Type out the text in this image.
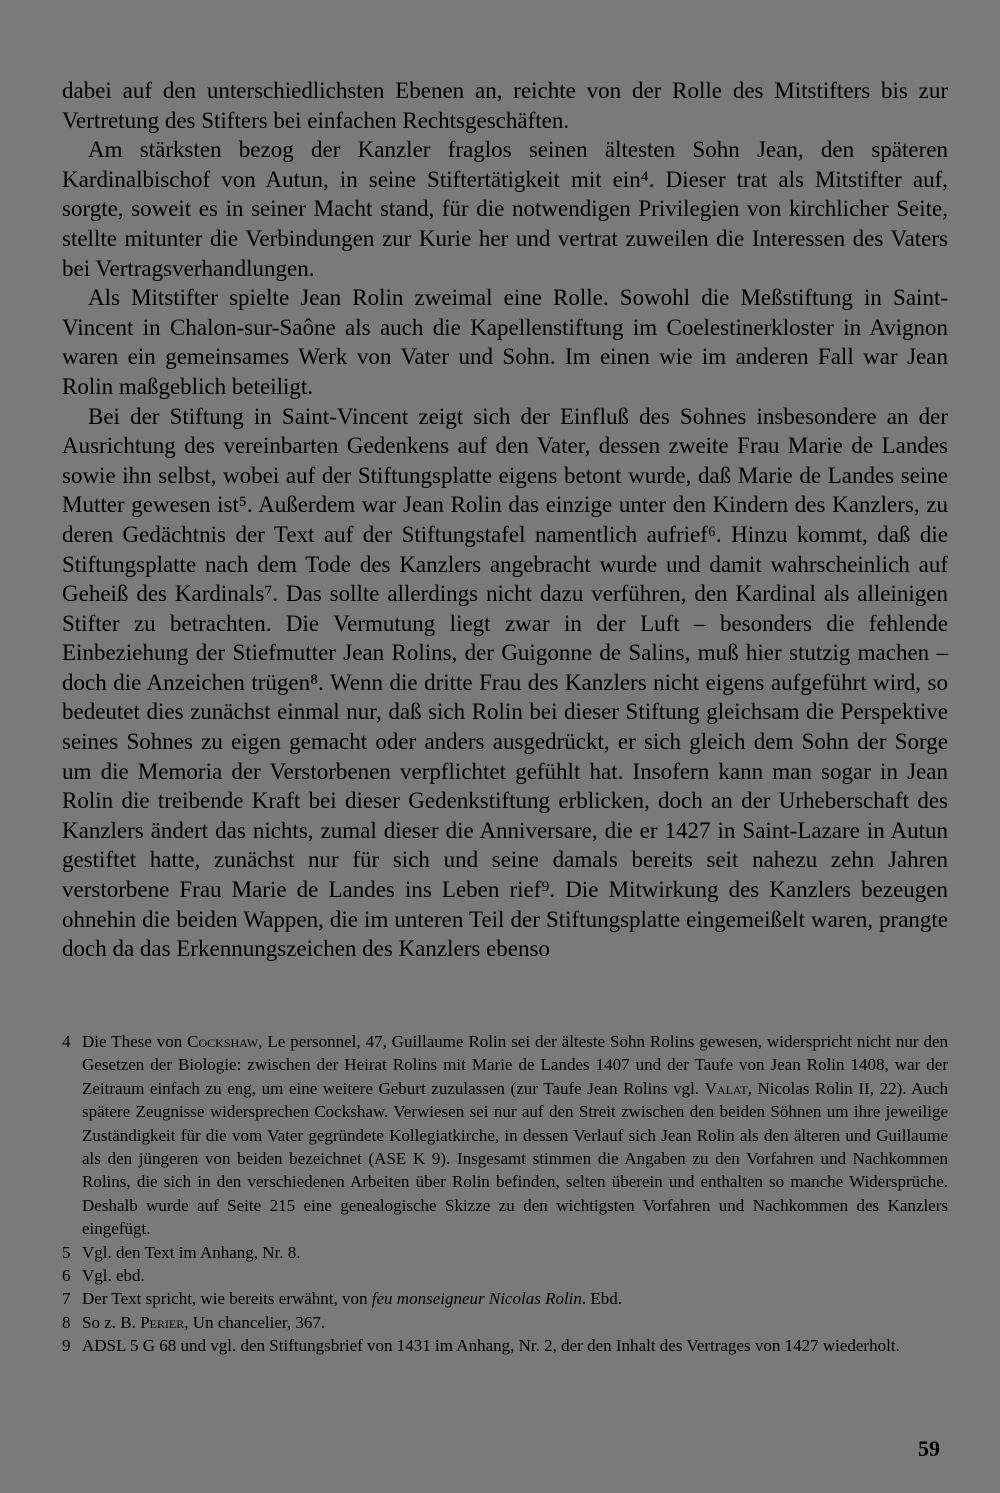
dabei auf den unterschiedlichsten Ebenen an, reichte von der Rolle des Mitstifters bis zur Vertretung des Stifters bei einfachen Rechtsgeschäften.

Am stärksten bezog der Kanzler fraglos seinen ältesten Sohn Jean, den späteren Kardinalbischof von Autun, in seine Stiftertätigkeit mit ein⁴. Dieser trat als Mitstifter auf, sorgte, soweit es in seiner Macht stand, für die notwendigen Privilegien von kirchlicher Seite, stellte mitunter die Verbindungen zur Kurie her und vertrat zuweilen die Interessen des Vaters bei Vertragsverhandlungen.

Als Mitstifter spielte Jean Rolin zweimal eine Rolle. Sowohl die Meßstiftung in Saint-Vincent in Chalon-sur-Saône als auch die Kapellenstiftung im Coelestinerkloster in Avignon waren ein gemeinsames Werk von Vater und Sohn. Im einen wie im anderen Fall war Jean Rolin maßgeblich beteiligt.

Bei der Stiftung in Saint-Vincent zeigt sich der Einfluß des Sohnes insbesondere an der Ausrichtung des vereinbarten Gedenkens auf den Vater, dessen zweite Frau Marie de Landes sowie ihn selbst, wobei auf der Stiftungsplatte eigens betont wurde, daß Marie de Landes seine Mutter gewesen ist⁵. Außerdem war Jean Rolin das einzige unter den Kindern des Kanzlers, zu deren Gedächtnis der Text auf der Stiftungstafel namentlich aufrief⁶. Hinzu kommt, daß die Stiftungsplatte nach dem Tode des Kanzlers angebracht wurde und damit wahrscheinlich auf Geheiß des Kardinals⁷. Das sollte allerdings nicht dazu verführen, den Kardinal als alleinigen Stifter zu betrachten. Die Vermutung liegt zwar in der Luft – besonders die fehlende Einbeziehung der Stiefmutter Jean Rolins, der Guigonne de Salins, muß hier stutzig machen – doch die Anzeichen trügen⁸. Wenn die dritte Frau des Kanzlers nicht eigens aufgeführt wird, so bedeutet dies zunächst einmal nur, daß sich Rolin bei dieser Stiftung gleichsam die Perspektive seines Sohnes zu eigen gemacht oder anders ausgedrückt, er sich gleich dem Sohn der Sorge um die Memoria der Verstorbenen verpflichtet gefühlt hat. Insofern kann man sogar in Jean Rolin die treibende Kraft bei dieser Gedenkstiftung erblicken, doch an der Urheberschaft des Kanzlers ändert das nichts, zumal dieser die Anniversare, die er 1427 in Saint-Lazare in Autun gestiftet hatte, zunächst nur für sich und seine damals bereits seit nahezu zehn Jahren verstorbene Frau Marie de Landes ins Leben rief⁹. Die Mitwirkung des Kanzlers bezeugen ohnehin die beiden Wappen, die im unteren Teil der Stiftungsplatte eingemeißelt waren, prangte doch da das Erkennungszeichen des Kanzlers ebenso

4 Die These von Cockshaw, Le personnel, 47, Guillaume Rolin sei der älteste Sohn Rolins gewesen, widerspricht nicht nur den Gesetzen der Biologie: zwischen der Heirat Rolins mit Marie de Landes 1407 und der Taufe von Jean Rolin 1408, war der Zeitraum einfach zu eng, um eine weitere Geburt zuzulassen (zur Taufe Jean Rolins vgl. Valat, Nicolas Rolin II, 22). Auch spätere Zeugnisse widersprechen Cockshaw. Verwiesen sei nur auf den Streit zwischen den beiden Söhnen um ihre jeweilige Zuständigkeit für die vom Vater gegründete Kollegiatkirche, in dessen Verlauf sich Jean Rolin als den älteren und Guillaume als den jüngeren von beiden bezeichnet (ASE K 9). Insgesamt stimmen die Angaben zu den Vorfahren und Nachkommen Rolins, die sich in den verschiedenen Arbeiten über Rolin befinden, selten überein und enthalten so manche Widersprüche. Deshalb wurde auf Seite 215 eine genealogische Skizze zu den wichtigsten Vorfahren und Nachkommen des Kanzlers eingefügt.
5 Vgl. den Text im Anhang, Nr. 8.
6 Vgl. ebd.
7 Der Text spricht, wie bereits erwähnt, von feu monseigneur Nicolas Rolin. Ebd.
8 So z. B. Perier, Un chancelier, 367.
9 ADSL 5 G 68 und vgl. den Stiftungsbrief von 1431 im Anhang, Nr. 2, der den Inhalt des Vertrages von 1427 wiederholt.
59
